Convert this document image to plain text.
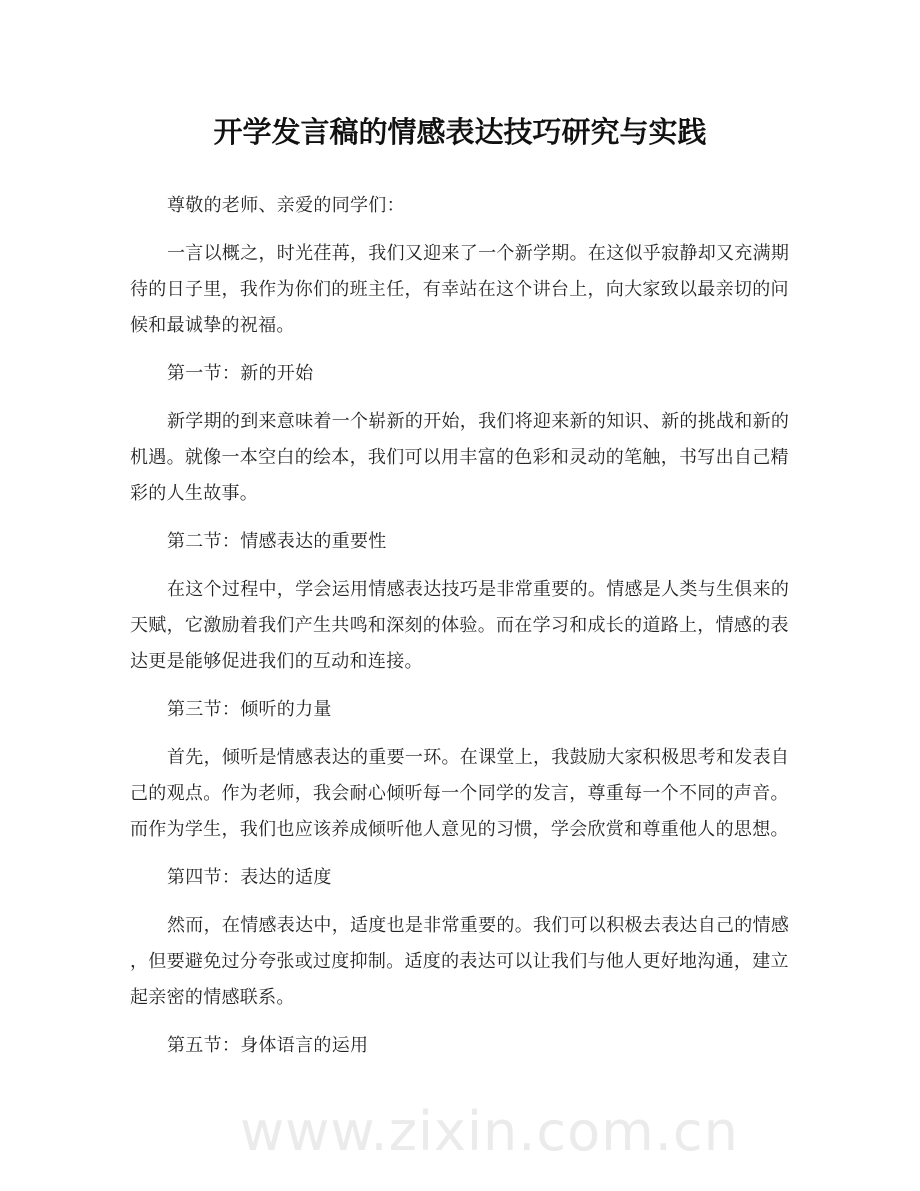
开学发言稿的情感表达技巧研究与实践
www.zixin.com.cn
尊敬的老师、亲爱的同学们：
一言以概之，时光荏苒，我们又迎来了一个新学期。在这似乎寂静却又充满期
待的日子里，我作为你们的班主任，有幸站在这个讲台上，向大家致以最亲切的问
候和最诚挚的祝福。
第一节：新的开始
新学期的到来意味着一个崭新的开始，我们将迎来新的知识、新的挑战和新的
机遇。就像一本空白的绘本，我们可以用丰富的色彩和灵动的笔触，书写出自己精
彩的人生故事。
第二节：情感表达的重要性
在这个过程中，学会运用情感表达技巧是非常重要的。情感是人类与生俱来的
天赋，它激励着我们产生共鸣和深刻的体验。而在学习和成长的道路上，情感的表
达更是能够促进我们的互动和连接。
第三节：倾听的力量
首先，倾听是情感表达的重要一环。在课堂上，我鼓励大家积极思考和发表自
己的观点。作为老师，我会耐心倾听每一个同学的发言，尊重每一个不同的声音。
而作为学生，我们也应该养成倾听他人意见的习惯，学会欣赏和尊重他人的思想。
第四节：表达的适度
然而，在情感表达中，适度也是非常重要的。我们可以积极去表达自己的情感
，但要避免过分夸张或过度抑制。适度的表达可以让我们与他人更好地沟通，建立
起亲密的情感联系。
第五节：身体语言的运用
